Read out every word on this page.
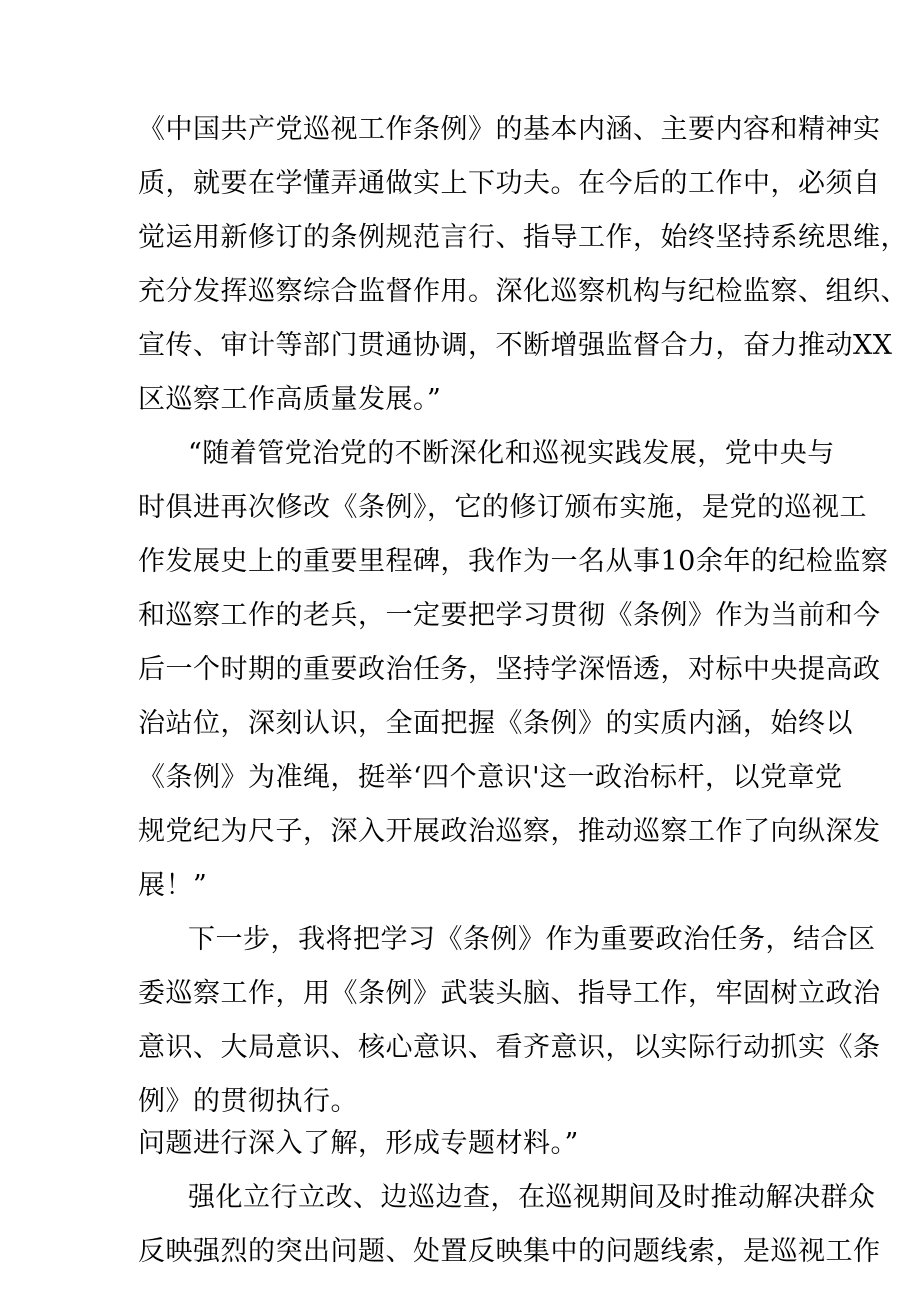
《中国共产党巡视工作条例》的基本内涵、主要内容和精神实
质，就要在学懂弄通做实上下功夫。在今后的工作中，必须自
觉运用新修订的条例规范言行、指导工作，始终坚持系统思维，
充分发挥巡察综合监督作用。深化巡察机构与纪检监察、组织、
宣传、审计等部门贯通协调，不断增强监督合力，奋力推动XX
区巡察工作高质量发展。”
“随着管党治党的不断深化和巡视实践发展，党中央与
时俱进再次修改《条例》，它的修订颁布实施，是党的巡视工
作发展史上的重要里程碑，我作为一名从事10余年的纪检监察
和巡察工作的老兵，一定要把学习贯彻《条例》作为当前和今
后一个时期的重要政治任务，坚持学深悟透，对标中央提高政
治站位，深刻认识，全面把握《条例》的实质内涵，始终以
《条例》为准绳，挺举‘四个意识'这一政治标杆，以党章党
规党纪为尺子，深入开展政治巡察，推动巡察工作了向纵深发
展！”
下一步，我将把学习《条例》作为重要政治任务，结合区
委巡察工作，用《条例》武装头脑、指导工作，牢固树立政治
意识、大局意识、核心意识、看齐意识，以实际行动抓实《条
例》的贯彻执行。
问题进行深入了解，形成专题材料。”
强化立行立改、边巡边查，在巡视期间及时推动解决群众
反映强烈的突出问题、处置反映集中的问题线索，是巡视工作
